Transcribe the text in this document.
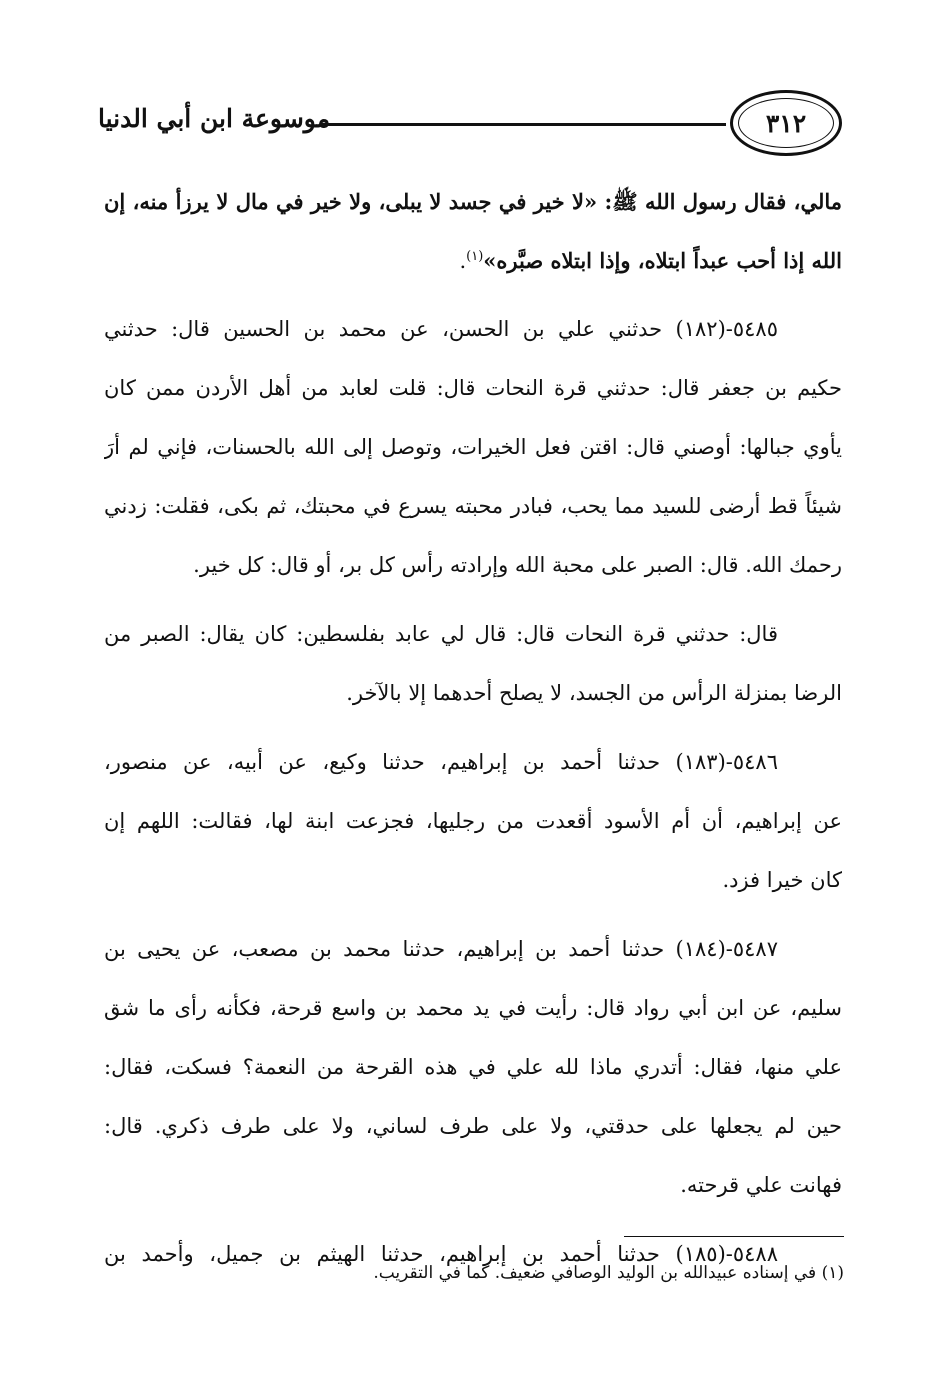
موسوعة ابن أبي الدنيا	٣١٢
مالي، فقال رسول الله ﷺ: «لا خير في جسد لا يبلى، ولا خير في مال لا يرزأ منه، إن
الله إذا أحب عبداً ابتلاه، وإذا ابتلاه صبَّره»$^{(١)}$.
٥٤٨٥-(١٨٢) حدثني علي بن الحسن، عن محمد بن الحسين قال: حدثني
حكيم بن جعفر قال: حدثني قرة النحات قال: قلت لعابد من أهل الأردن ممن كان
يأوي جبالها: أوصني قال: اقتن فعل الخيرات، وتوصل إلى الله بالحسنات، فإني لم أرَ
شيئاً قط أرضى للسيد مما يحب، فبادر محبته يسرع في محبتك، ثم بكى، فقلت: زدني
رحمك الله. قال: الصبر على محبة الله وإرادته رأس كل بر، أو قال: كل خير.
قال: حدثني قرة النحات قال: قال لي عابد بفلسطين: كان يقال: الصبر من
الرضا بمنزلة الرأس من الجسد، لا يصلح أحدهما إلا بالآخر.
٥٤٨٦-(١٨٣) حدثنا أحمد بن إبراهيم، حدثنا وكيع، عن أبيه، عن منصور،
عن إبراهيم، أن أم الأسود أقعدت من رجليها، فجزعت ابنة لها، فقالت: اللهم إن
كان خيرا فزد.
٥٤٨٧-(١٨٤) حدثنا أحمد بن إبراهيم، حدثنا محمد بن مصعب، عن يحيى بن
سليم، عن ابن أبي رواد قال: رأيت في يد محمد بن واسع قرحة، فكأنه رأى ما شق
علي منها، فقال: أتدري ماذا لله علي في هذه القرحة من النعمة؟ فسكت، فقال:
حين لم يجعلها على حدقتي، ولا على طرف لساني، ولا على طرف ذكري. قال:
فهانت علي قرحته.
٥٤٨٨-(١٨٥) حدثنا أحمد بن إبراهيم، حدثنا الهيثم بن جميل، وأحمد بن
(١) في إسناده عبيدالله بن الوليد الوصافي ضعيف. كما في التقريب.
